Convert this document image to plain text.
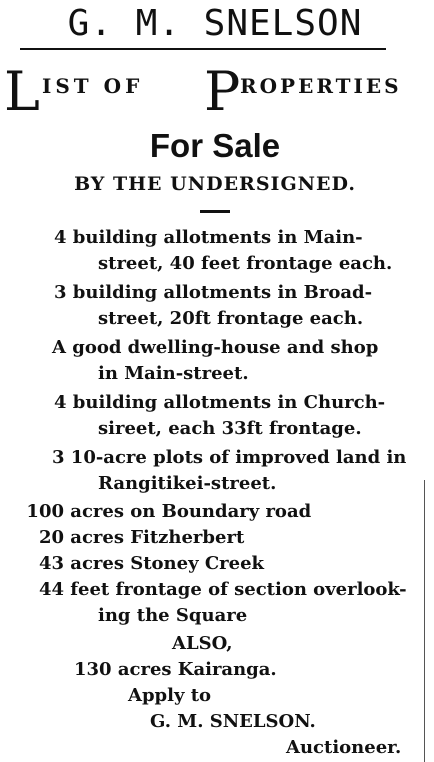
G. M. SNELSON
L IST OF P ROPERTIES
For Sale
BY THE UNDERSIGNED.
4 building allotments in Main-
street, 40 feet frontage each.
3 building allotments in Broad-
street, 20ft frontage each.
A good dwelling-house and shop
in Main-street.
4 building allotments in Church-
sireet, each 33ft frontage.
3 10-acre plots of improved land in
Rangitikei-street.
100 acres on Boundary road
20 acres Fitzherbert
43 acres Stoney Creek
44 feet frontage of section overlook-
ing the Square
ALSO,
130 acres Kairanga.
Apply to
G. M. SNELSON.
Auctioneer.
